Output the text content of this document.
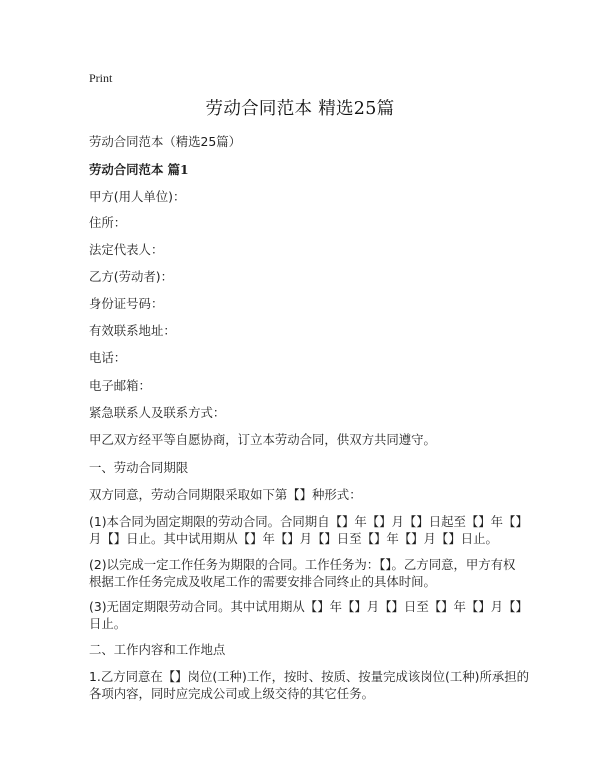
Print
劳动合同范本 精选25篇
劳动合同范本（精选25篇）
劳动合同范本 篇1
甲方(用人单位)：
住所：
法定代表人：
乙方(劳动者)：
身份证号码：
有效联系地址：
电话：
电子邮箱：
紧急联系人及联系方式：
甲乙双方经平等自愿协商，订立本劳动合同，供双方共同遵守。
一、劳动合同期限
双方同意，劳动合同期限采取如下第【】种形式：
(1)本合同为固定期限的劳动合同。合同期自【】年【】月【】日起至【】年【】
月【】日止。其中试用期从【】年【】月【】日至【】年【】月【】日止。
(2)以完成一定工作任务为期限的合同。工作任务为：【】。乙方同意，甲方有权
根据工作任务完成及收尾工作的需要安排合同终止的具体时间。
(3)无固定期限劳动合同。其中试用期从【】年【】月【】日至【】年【】月【】
日止。
二、工作内容和工作地点
1.乙方同意在【】岗位(工种)工作，按时、按质、按量完成该岗位(工种)所承担的
各项内容，同时应完成公司或上级交待的其它任务。
